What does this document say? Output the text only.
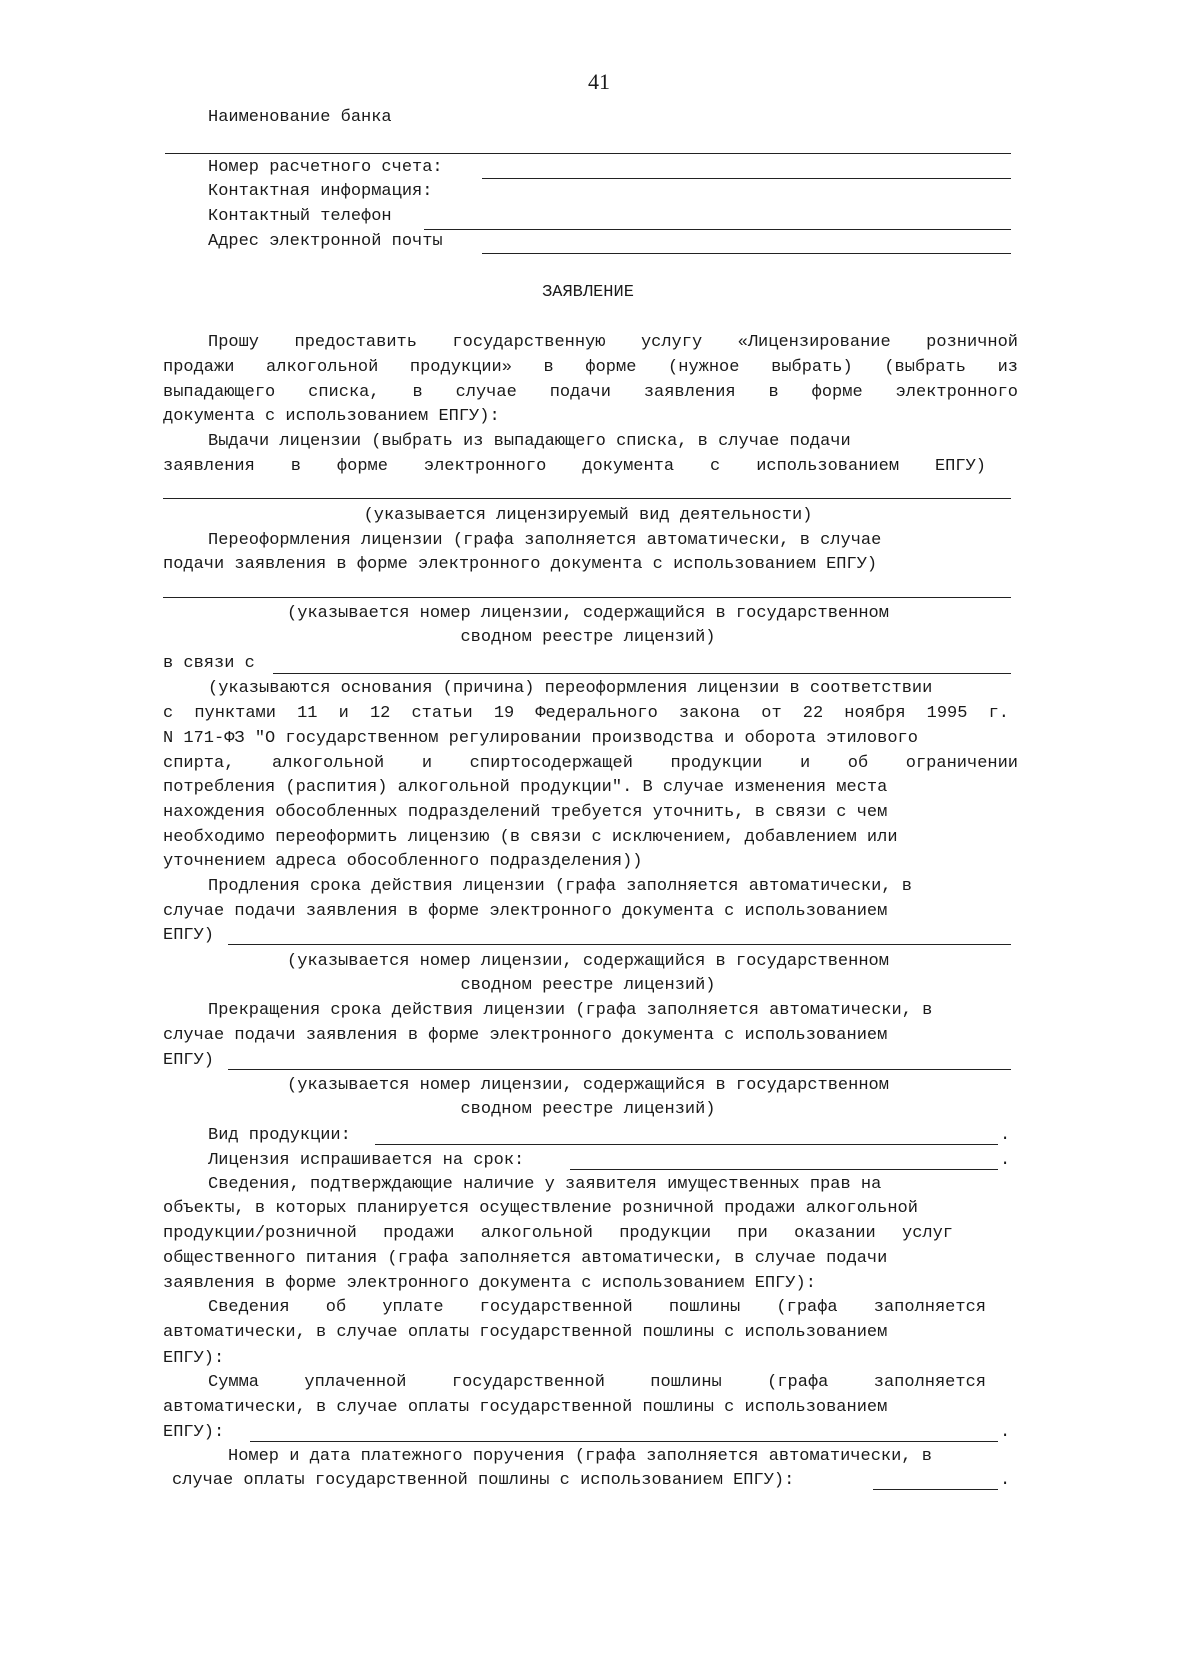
41
Наименование банка
Номер расчетного счета:
Контактная информация:
Контактный телефон
Адрес электронной почты
ЗАЯВЛЕНИЕ
Прошу предоставить государственную услугу «Лицензирование розничной
продажи алкогольной продукции» в форме (нужное выбрать) (выбрать из
выпадающего списка, в случае подачи заявления в форме электронного
документа с использованием ЕПГУ):
Выдачи лицензии (выбрать из выпадающего списка, в случае подачи
заявления в форме электронного документа с использованием ЕПГУ)
(указывается лицензируемый вид деятельности)
Переоформления лицензии (графа заполняется автоматически, в случае
подачи заявления в форме электронного документа с использованием ЕПГУ)
(указывается номер лицензии, содержащийся в государственном
сводном реестре лицензий)
в связи с
(указываются основания (причина) переоформления лицензии в соответствии
с пунктами 11 и 12 статьи 19 Федерального закона от 22 ноября 1995 г.
N 171-ФЗ "О государственном регулировании производства и оборота этилового
спирта, алкогольной и спиртосодержащей продукции и об ограничении
потребления (распития) алкогольной продукции". В случае изменения места
нахождения обособленных подразделений требуется уточнить, в связи с чем
необходимо переоформить лицензию (в связи с исключением, добавлением или
уточнением адреса обособленного подразделения))
Продления срока действия лицензии (графа заполняется автоматически, в
случае подачи заявления в форме электронного документа с использованием
ЕПГУ)
(указывается номер лицензии, содержащийся в государственном
сводном реестре лицензий)
Прекращения срока действия лицензии (графа заполняется автоматически, в
случае подачи заявления в форме электронного документа с использованием
ЕПГУ)
(указывается номер лицензии, содержащийся в государственном
сводном реестре лицензий)
Вид продукции:	.
Лицензия испрашивается на срок:	.
Сведения, подтверждающие наличие у заявителя имущественных прав на
объекты, в которых планируется осуществление розничной продажи алкогольной
продукции/розничной продажи алкогольной продукции при оказании услуг
общественного питания (графа заполняется автоматически, в случае подачи
заявления в форме электронного документа с использованием ЕПГУ):
Сведения об уплате государственной пошлины (графа заполняется
автоматически, в случае оплаты государственной пошлины с использованием
ЕПГУ):
Сумма уплаченной государственной пошлины (графа заполняется
автоматически, в случае оплаты государственной пошлины с использованием
ЕПГУ):	.
Номер и дата платежного поручения (графа заполняется автоматически, в
случае оплаты государственной пошлины с использованием ЕПГУ):	.
